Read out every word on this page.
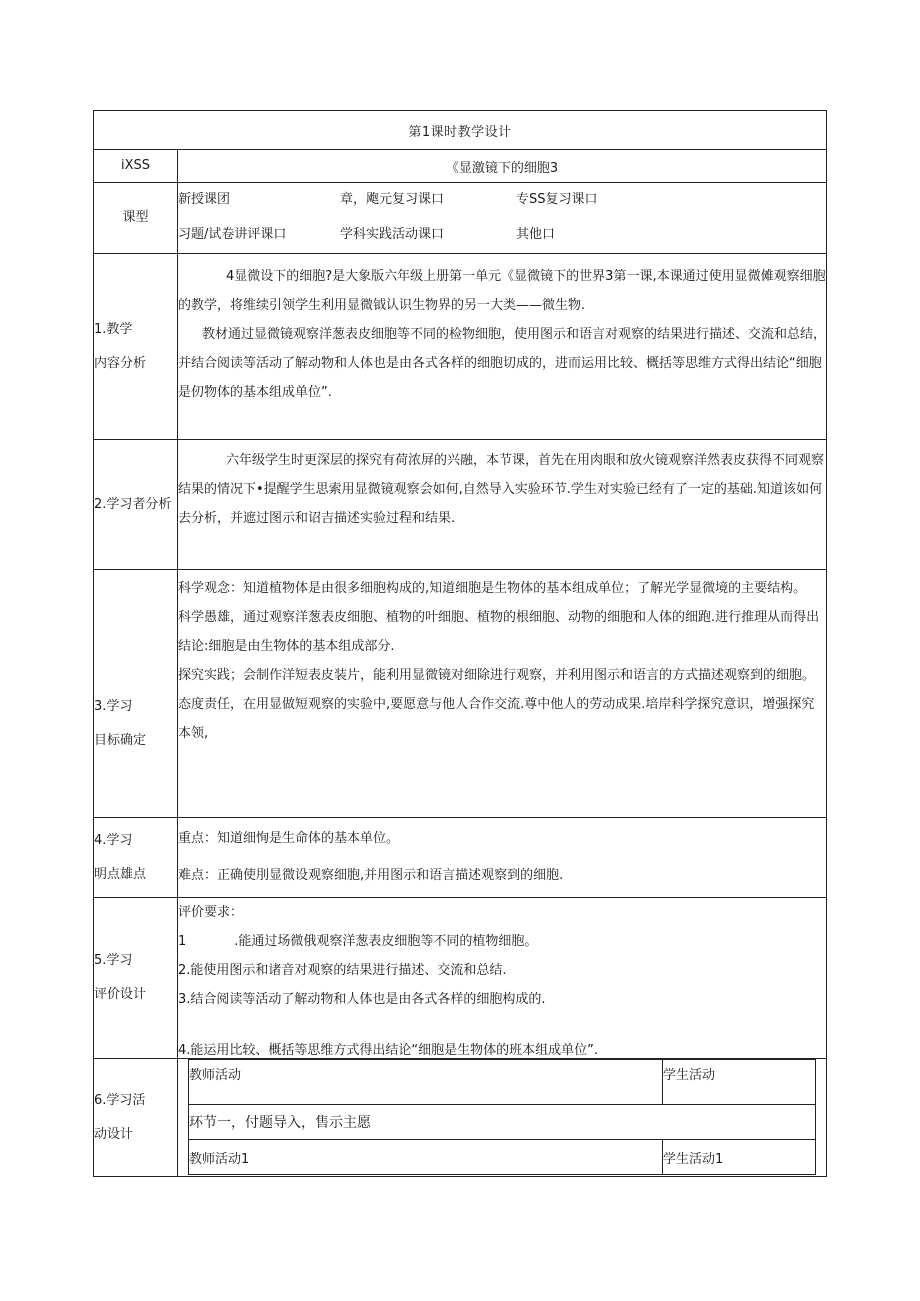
第1课时教学设计
iXSS	《显激镜下的细胞3
课型	
新授课团	章，飑元复习课口	专SS复习课口
习题/试卷讲评课口	学科实践活动课口	其他口

1.教学
内容分析

4显微设下的细胞?是大象版六年级上册第一单元《显微镜下的世界3第一课,本课通过使用显微傩观察细胞的教学，将维续引领学生利用显微钺认识生物界的另一大类——微生物.
教材通过显微镜观察洋葱表皮细胞等不同的检物细胞，使用图示和语言对观察的结果进行描述、交流和总结，并结合阅读等活动了解动物和人体也是由各式各样的细胞切成的，进而运用比较、概括等思维方式得出结论“细胞是仞物体的基本组成单位”.

2.学习者分析	
六年级学生时更深层的探究有荷浓屏的兴融，本节课，首先在用肉眼和放火镜观察洋然表皮获得不同观察结果的情况下•提醒学生思索用显微镜观察会如何,自然导入实验环节.学生对实验已经有了一定的基础.知道该如何去分析，并遮过图示和诏吉描述实验过程和结果.

3.学习
目标确定

科学观念：知道植物体是由很多细胞构成的,知道细胞是生物体的基本组成单位；了解光学显微境的主要结构。

科学愚雄，通过观察洋葱表皮细胞、植物的叶细胞、植物的根细胞、动物的细胞和人体的细跑.进行推理从而得出结论:细胞是由生物体的基本组成部分.

探究实践；会制作洋短表皮装片，能利用显微镜对细除进行观察，并利用图示和语言的方式描述观察到的细胞。

态度责任，在用显做短观察的实验中,要愿意与他人合作交流.尊中他人的劳动成果.培岸科学探究意识，增强探究本领,

4.学习
明点雄点

重点：知道细恂是生命体的基本单位。
难点：正确使刖显微设观察细胞,并用图示和语言描述观察到的细胞.

5.学习
评价设计

评价要求：

1	.能通过场微俄观察洋葱表皮细胞等不同的植物细胞。

2.能使用图示和诸音对观察的结果进行描述、交流和总结.

3.结合阅读等活动了解动物和人体也是由各式各样的细胞构成的.

4.能运用比较、概括等思维方式得出结论“细胞是生物体的班本组成单位”.

6.学习活
动设计

教师活动	学生活动
环节一，付题导入，售示主愿
教师活动1	学生活动1
